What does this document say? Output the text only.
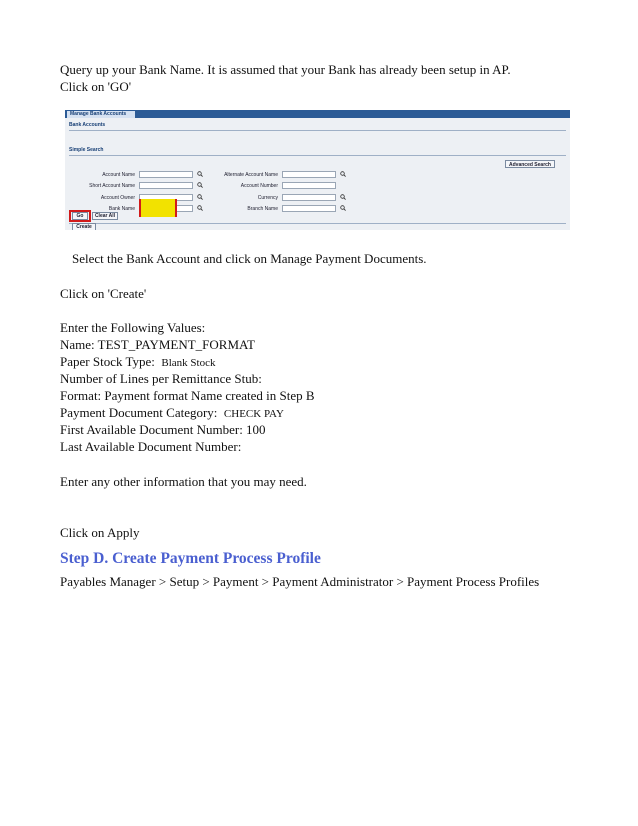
Query up your Bank Name. It is assumed that your Bank has already been setup in AP.
Click on 'GO'
Manage Bank Accounts
Bank Accounts
Simple Search
Advanced Search
Account Name
Short Account Name
Account Owner
Bank Name
Alternate Account Name
Account Number
Currency
Branch Name
Go	Clear All
Create
Select the Bank Account and click on Manage Payment Documents.
Click on 'Create'
Enter the Following Values:
Name: TEST_PAYMENT_FORMAT
Paper Stock Type: Blank Stock
Number of Lines per Remittance Stub:
Format: Payment format Name created in Step B
Payment Document Category: CHECK PAY
First Available Document Number: 100
Last Available Document Number:
Enter any other information that you may need.
Click on Apply
Step D. Create Payment Process Profile
Payables Manager > Setup > Payment > Payment Administrator > Payment Process Profiles
